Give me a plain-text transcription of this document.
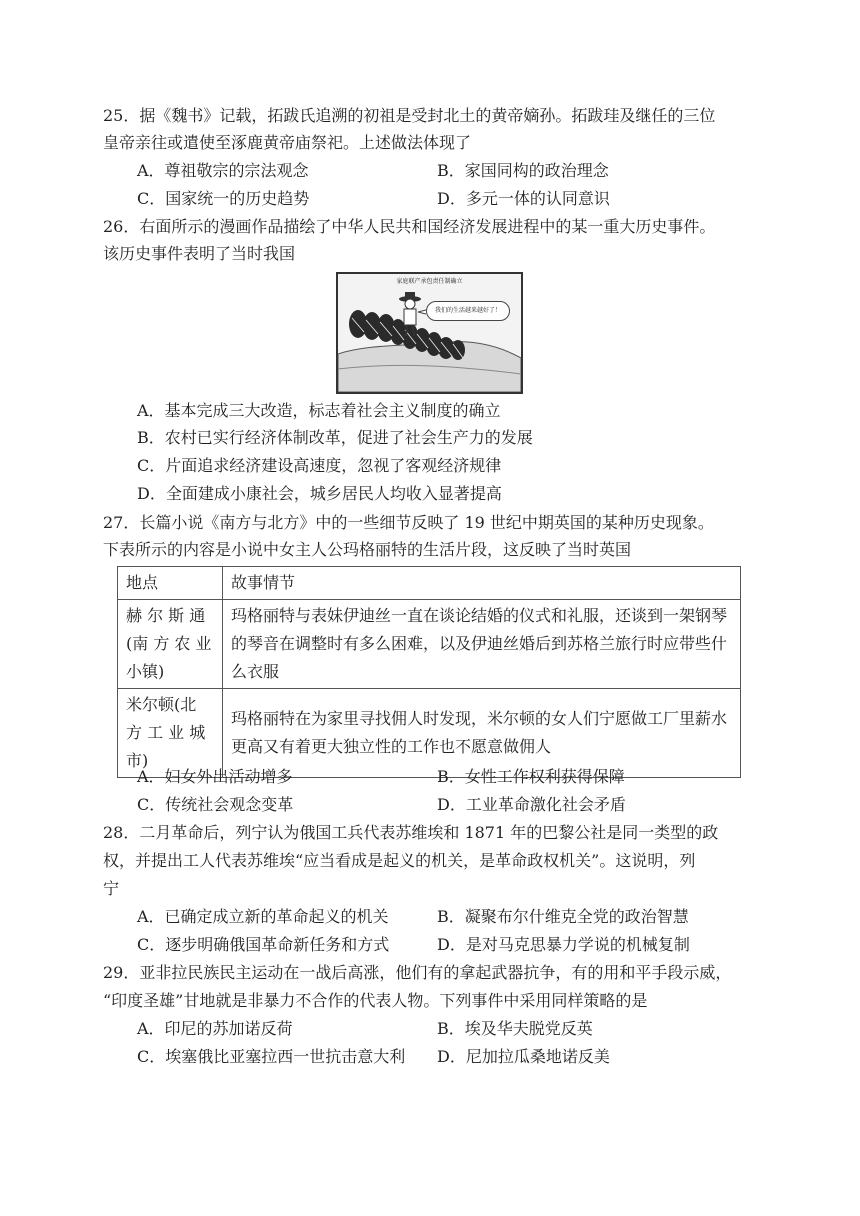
25．据《魏书》记载，拓跋氏追溯的初祖是受封北土的黄帝嫡孙。拓跋珪及继任的三位
皇帝亲往或遣使至涿鹿黄帝庙祭祀。上述做法体现了
A．尊祖敬宗的宗法观念	B．家国同构的政治理念
C．国家统一的历史趋势	D．多元一体的认同意识
26．右面所示的漫画作品描绘了中华人民共和国经济发展进程中的某一重大历史事件。
该历史事件表明了当时我国
家庭联产承包责任制确立
我们的生活越来越好了！
A．基本完成三大改造，标志着社会主义制度的确立
B．农村已实行经济体制改革，促进了社会生产力的发展
C．片面追求经济建设高速度，忽视了客观经济规律
D．全面建成小康社会，城乡居民人均收入显著提高
27．长篇小说《南方与北方》中的一些细节反映了 19 世纪中期英国的某种历史现象。
下表所示的内容是小说中女主人公玛格丽特的生活片段，这反映了当时英国
地点	故事情节
赫 尔 斯 通 (南 方 农 业 小镇)	玛格丽特与表妹伊迪丝一直在谈论结婚的仪式和礼服，还谈到一架钢琴的琴音在调整时有多么困难，以及伊迪丝婚后到苏格兰旅行时应带些什么衣服
米尔顿(北 方 工 业 城 市)	玛格丽特在为家里寻找佣人时发现，米尔顿的女人们宁愿做工厂里薪水更高又有着更大独立性的工作也不愿意做佣人
A．妇女外出活动增多	B．女性工作权利获得保障
C．传统社会观念变革	D．工业革命激化社会矛盾
28．二月革命后，列宁认为俄国工兵代表苏维埃和 1871 年的巴黎公社是同一类型的政
权，并提出工人代表苏维埃“应当看成是起义的机关，是革命政权机关”。这说明，列
宁
A．已确定成立新的革命起义的机关	B．凝聚布尔什维克全党的政治智慧
C．逐步明确俄国革命新任务和方式	D．是对马克思暴力学说的机械复制
29．亚非拉民族民主运动在一战后高涨，他们有的拿起武器抗争，有的用和平手段示威，
“印度圣雄”甘地就是非暴力不合作的代表人物。下列事件中采用同样策略的是
A．印尼的苏加诺反荷	B．埃及华夫脱党反英
C．埃塞俄比亚塞拉西一世抗击意大利 D．尼加拉瓜桑地诺反美
